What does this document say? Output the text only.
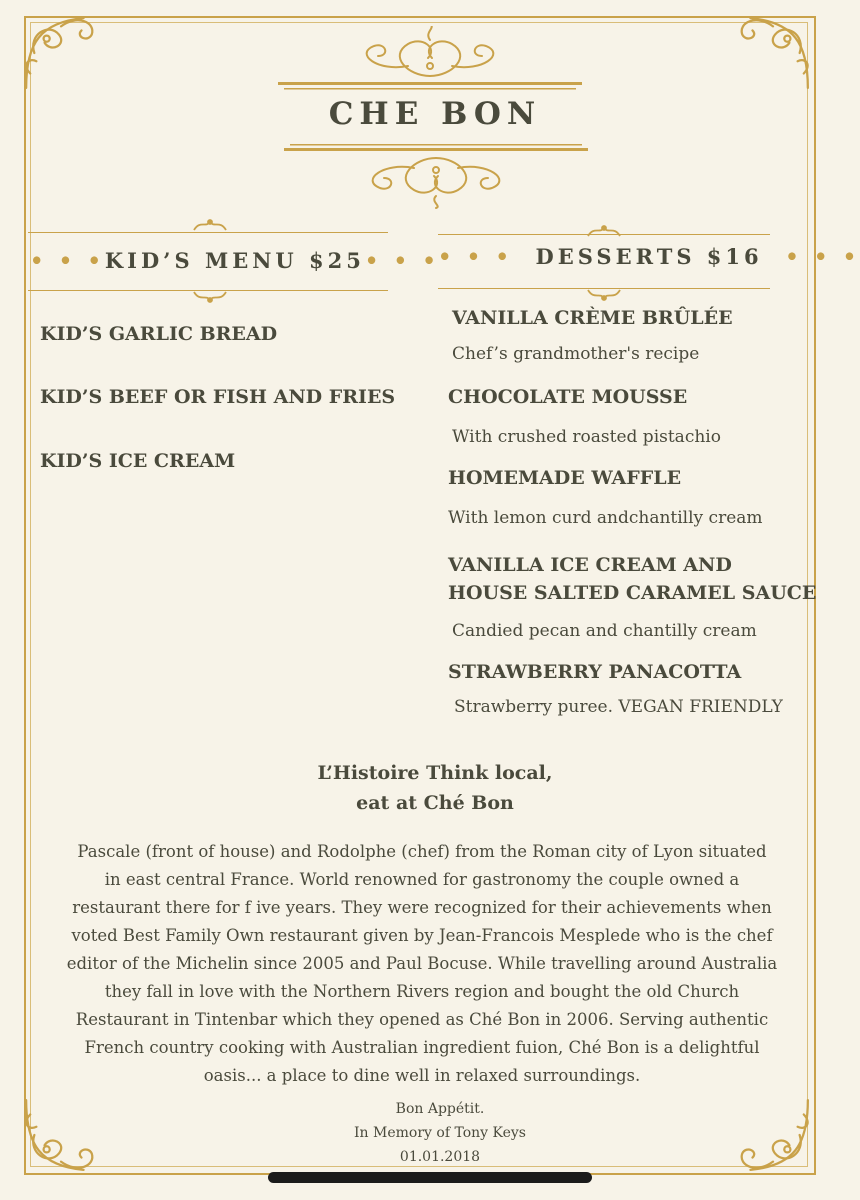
CHE BON
• • •KID’S MENU $25• • •
KID’S GARLIC BREAD
KID’S BEEF OR FISH AND FRIES
KID’S ICE CREAM
• • • DESSERTS $16 • • •
VANILLA CRÈME BRÛLÉE
Chef’s grandmother's recipe
CHOCOLATE MOUSSE
With crushed roasted pistachio
HOMEMADE WAFFLE
With lemon curd andchantilly cream
VANILLA ICE CREAM AND
HOUSE SALTED CARAMEL SAUCE
Candied pecan and chantilly cream
STRAWBERRY PANACOTTA
Strawberry puree. VEGAN FRIENDLY
L’Histoire Think local,
eat at Ché Bon
Pascale (front of house) and Rodolphe (chef) from the Roman city of Lyon situated
in east central France. World renowned for gastronomy the couple owned a
restaurant there for f ive years. They were recognized for their achievements when
voted Best Family Own restaurant given by Jean-Francois Mesplede who is the chef
editor of the Michelin since 2005 and Paul Bocuse. While travelling around Australia
they fall in love with the Northern Rivers region and bought the old Church
Restaurant in Tintenbar which they opened as Ché Bon in 2006. Serving authentic
French country cooking with Australian ingredient fuion, Ché Bon is a delightful
oasis... a place to dine well in relaxed surroundings.
Bon Appétit.
In Memory of Tony Keys
01.01.2018
